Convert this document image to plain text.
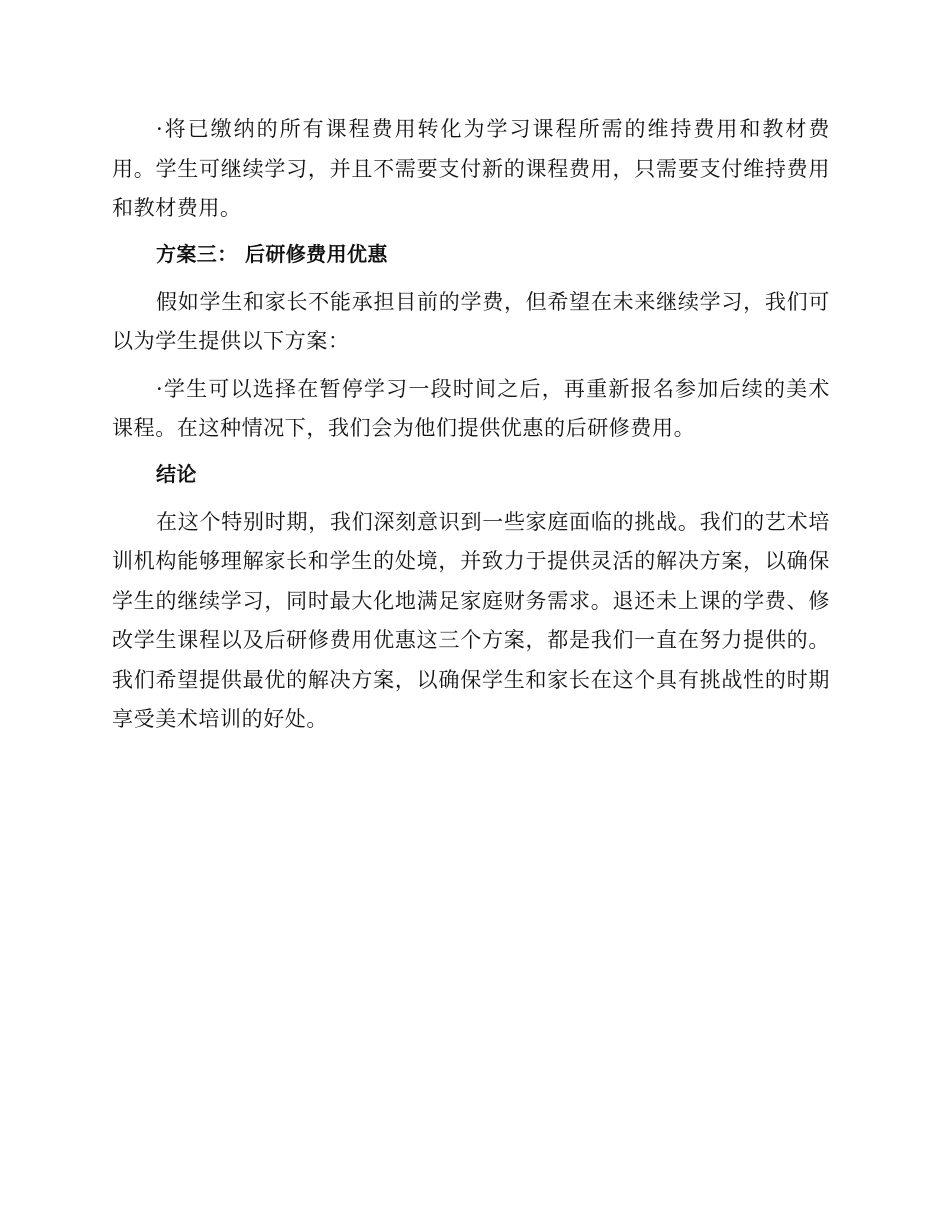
·将已缴纳的所有课程费用转化为学习课程所需的维持费用和教材费用。学生可继续学习，并且不需要支付新的课程费用，只需要支付维持费用和教材费用。

方案三： 后研修费用优惠

假如学生和家长不能承担目前的学费，但希望在未来继续学习，我们可以为学生提供以下方案：

·学生可以选择在暂停学习一段时间之后，再重新报名参加后续的美术课程。在这种情况下，我们会为他们提供优惠的后研修费用。

结论

在这个特别时期，我们深刻意识到一些家庭面临的挑战。我们的艺术培训机构能够理解家长和学生的处境，并致力于提供灵活的解决方案，以确保学生的继续学习，同时最大化地满足家庭财务需求。退还未上课的学费、修改学生课程以及后研修费用优惠这三个方案，都是我们一直在努力提供的。我们希望提供最优的解决方案，以确保学生和家长在这个具有挑战性的时期享受美术培训的好处。
